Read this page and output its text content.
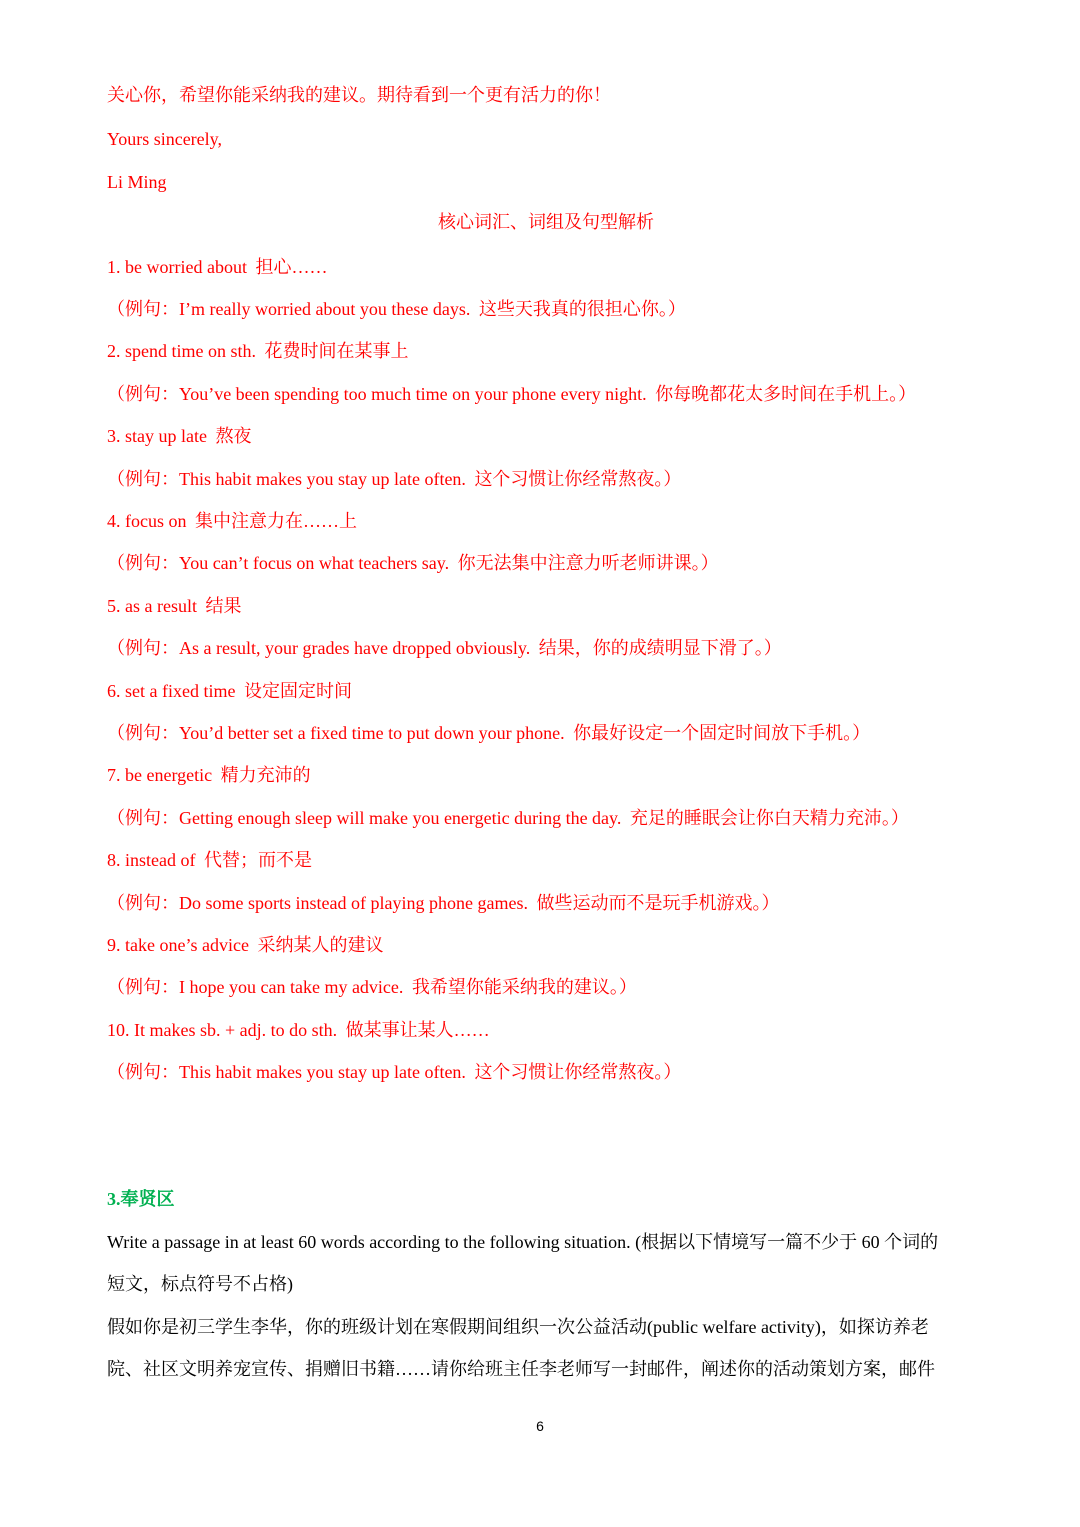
关心你，希望你能采纳我的建议。期待看到一个更有活力的你！
Yours sincerely,
Li Ming
核心词汇、词组及句型解析
1. be worried about 担心……
（例句：I’m really worried about you these days. 这些天我真的很担心你。）
2. spend time on sth. 花费时间在某事上
（例句：You’ve been spending too much time on your phone every night. 你每晚都花太多时间在手机上。）
3. stay up late 熬夜
（例句：This habit makes you stay up late often. 这个习惯让你经常熬夜。）
4. focus on 集中注意力在……上
（例句：You can’t focus on what teachers say. 你无法集中注意力听老师讲课。）
5. as a result 结果
（例句：As a result, your grades have dropped obviously. 结果，你的成绩明显下滑了。）
6. set a fixed time 设定固定时间
（例句：You’d better set a fixed time to put down your phone. 你最好设定一个固定时间放下手机。）
7. be energetic 精力充沛的
（例句：Getting enough sleep will make you energetic during the day. 充足的睡眠会让你白天精力充沛。）
8. instead of 代替；而不是
（例句：Do some sports instead of playing phone games. 做些运动而不是玩手机游戏。）
9. take one’s advice 采纳某人的建议
（例句：I hope you can take my advice. 我希望你能采纳我的建议。）
10. It makes sb. + adj. to do sth. 做某事让某人……
（例句：This habit makes you stay up late often. 这个习惯让你经常熬夜。）
3.奉贤区
Write a passage in at least 60 words according to the following situation. (根据以下情境写一篇不少于 60 个词的
短文，标点符号不占格)
假如你是初三学生李华，你的班级计划在寒假期间组织一次公益活动(public welfare activity)，如探访养老
院、社区文明养宠宣传、捐赠旧书籍……请你给班主任李老师写一封邮件，阐述你的活动策划方案，邮件
6
